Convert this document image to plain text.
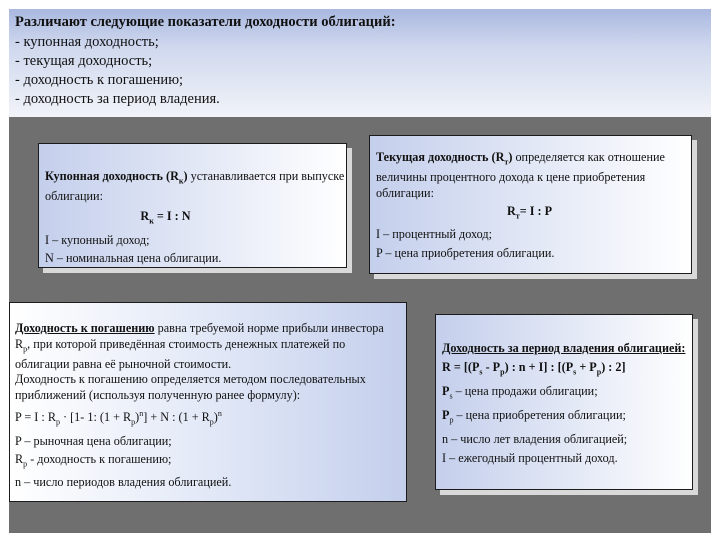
Различают следующие показатели доходности облигаций:
- купонная доходность;
- текущая доходность;
- доходность к погашению;
- доходность за период владения.

Купонная доходность $(R_к)$ устанавливается при выпуске облигации:

$R_к = I$ : N

I – купонный доход;

N – номинальная цена облигации.

Текущая доходность $(R_т)$ определяется как отношение величины процентного дохода к цене приобретения облигации:

$R_т= I$ : P

I – процентный доход;

P – цена приобретения облигации.

Доходность к погашению равна требуемой норме прибыли инвестора $R_р$, при которой приведённая стоимость денежных платежей по облигации равна её рыночной стоимости.

Доходность к погашению определяется методом последовательных приближений (используя полученную ранее формулу):

P = I : $R_p \cdot [1-$ 1: $(1 + R_p)^n] + N$ : $(1 + R_p)^n$

P – рыночная цена облигации;

$R_p$ - доходность к погашению;

n – число периодов владения облигацией.

Доходность за период владения облигацией:

$R = [(P_s - P_p)$ : n + I] : [$(P_s + P_p)$ : 2]

$P_s$ – цена продажи облигации;

$P_p$ – цена приобретения облигации;

n – число лет владения облигацией;

I – ежегодный процентный доход.
